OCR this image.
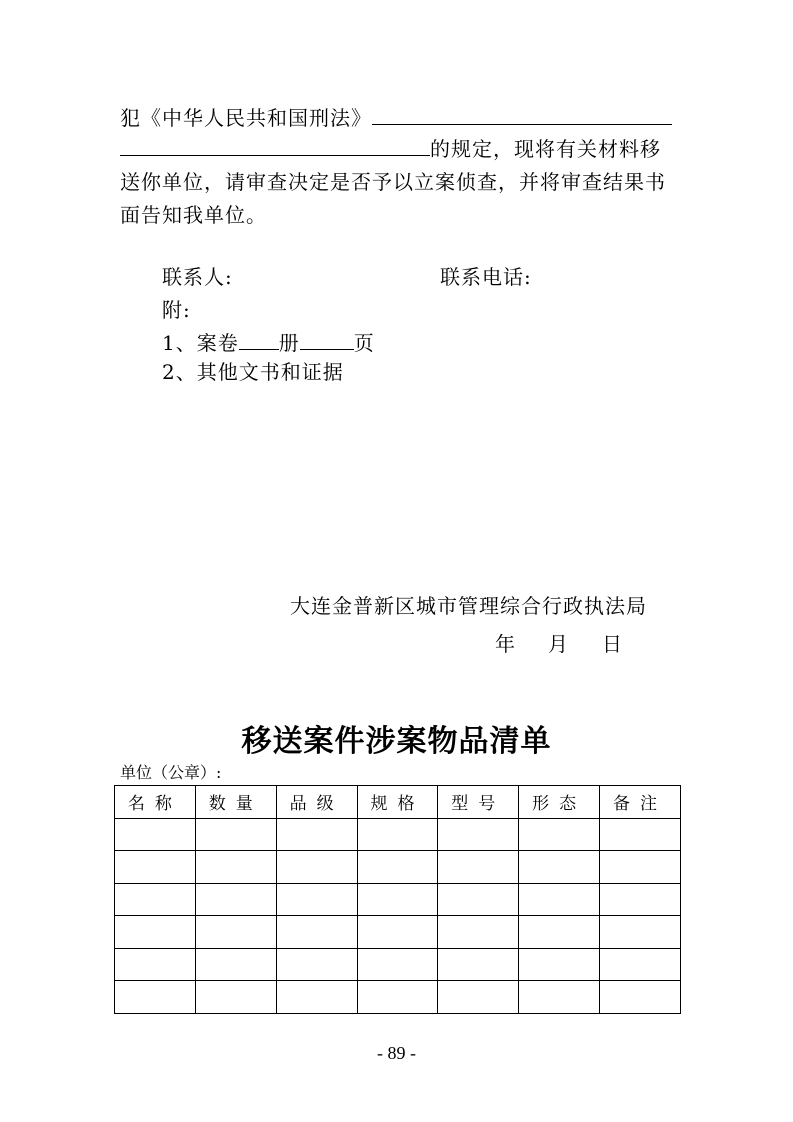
犯《中华人民共和国刑法》
的规定，现将有关材料移
送你单位，请审查决定是否予以立案侦查，并将审查结果书
面告知我单位。
联系人:	联系电话:
附:
1、案卷 册	页
2、其他文书和证据
大连金普新区城市管理综合行政执法局
年 月 日
移送案件涉案物品清单
单位（公章）:
名称	数量	品级	规格	型号	形态	备注

- 89 -
